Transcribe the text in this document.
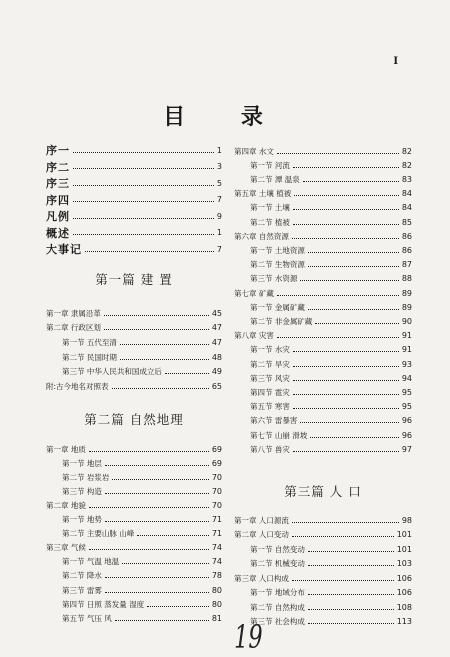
I
目 录
序一	1
序二	3
序三	5
序四	7
凡例	9
概述	1
大事记	7
第一篇 建 置
第一章 隶属沿革	45
第二章 行政区划	47
第一节 五代至清	47
第二节 民国时期	48
第三节 中华人民共和国成立后	49
附:古今地名对照表	65
第二篇 自然地理
第一章 地质	69
第一节 地层	69
第二节 岩浆岩	70
第三节 构造	70
第二章 地貌	70
第一节 地势	71
第二节 主要山脉 山峰	71
第三章 气候	74
第一节 气温 地温	74
第二节 降水	78
第三节 雷雾	80
第四节 日照 蒸发量 湿度	80
第五节 气压 风	81
第四章 水文	82
第一节 河流	82
第二节 潭 温泉	83
第五章 土壤 植被	84
第一节 土壤	84
第二节 植被	85
第六章 自然资源	86
第一节 土地资源	86
第二节 生物资源	87
第三节 水资源	88
第七章 矿藏	89
第一节 金属矿藏	89
第二节 非金属矿藏	90
第八章 灾害	91
第一节 水灾	91
第二节 旱灾	93
第三节 风灾	94
第四节 雹灾	95
第五节 寒害	95
第六节 雷暴害	96
第七节 山崩 滑坡	96
第八节 兽灾	97
第三篇 人 口
第一章 人口源流	98
第二章 人口变动	101
第一节 自然变动	101
第二节 机械变动	103
第三章 人口构成	106
第一节 地域分布	106
第二节 自然构成	108
第三节 社会构成	113
19
